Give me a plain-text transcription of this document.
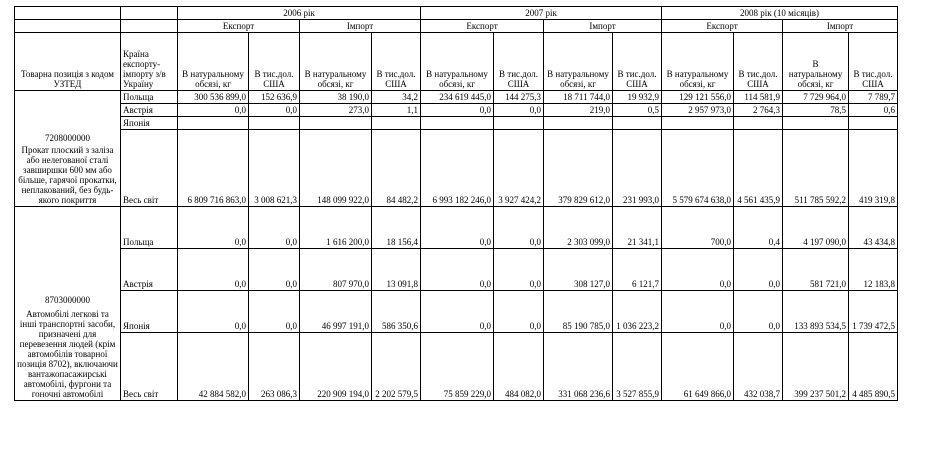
		2006 рік				2007 рік				2008 рік (10 місяців)			
		Експорт		Імпорт		Експорт		Імпорт		Експорт		Імпорт	
Товарна позиція з кодом УЗТЕД	Країна експорту-імпорту з/в Україну	В натуральному обсязі, кг	В тис.дол. США	В натуральному обсязі, кг	В тис.дол. США	В натуральному обсязі, кг	В тис.дол. США	В натуральному обсязі, кг	В тис.дол. США	В натуральному обсязі, кг	В тис.дол. США	В натуральному обсязі, кг	В тис.дол. США

7208000000
Прокат плоский з заліза або нелегованої сталі завширшки 600 мм або більше, гарячої прокатки, неплакований, без будь-якого покриття	Польща	300 536 899,0	152 636,9	38 190,0	34,2	234 619 445,0	144 275,3	18 711 744,0	19 932,9	129 121 556,0	114 581,9	7 729 964,0	7 789,7
	Австрія	0,0	0,0	273,0	1,1	0,0	0,0	219,0	0,5	2 957 973,0	2 764,3	78,5	0,6
	Японія												
	Весь світ	6 809 716 863,0	3 008 621,3	148 099 922,0	84 482,2	6 993 182 246,0	3 927 424,2	379 829 612,0	231 993,0	5 579 674 638,0	4 561 435,9	511 785 592,2	419 319,8

8703000000
Автомобілі легкові та інші транспортні засоби, призначені для перевезення людей (крім автомобілів товарної позиція 8702), включаючи вантажопасажирські автомобілі, фургони та гоночні автомобілі	Польща	0,0	0,0	1 616 200,0	18 156,4	0,0	0,0	2 303 099,0	21 341,1	700,0	0,4	4 197 090,0	43 434,8
	Австрія	0,0	0,0	807 970,0	13 091,8	0,0	0,0	308 127,0	6 121,7	0,0	0,0	581 721,0	12 183,8
	Японія	0,0	0,0	46 997 191,0	586 350,6	0,0	0,0	85 190 785,0	1 036 223,2	0,0	0,0	133 893 534,5	1 739 472,5
	Весь світ	42 884 582,0	263 086,3	220 909 194,0	2 202 579,5	75 859 229,0	484 082,0	331 068 236,6	3 527 855,9	61 649 866,0	432 038,7	399 237 501,2	4 485 890,5
